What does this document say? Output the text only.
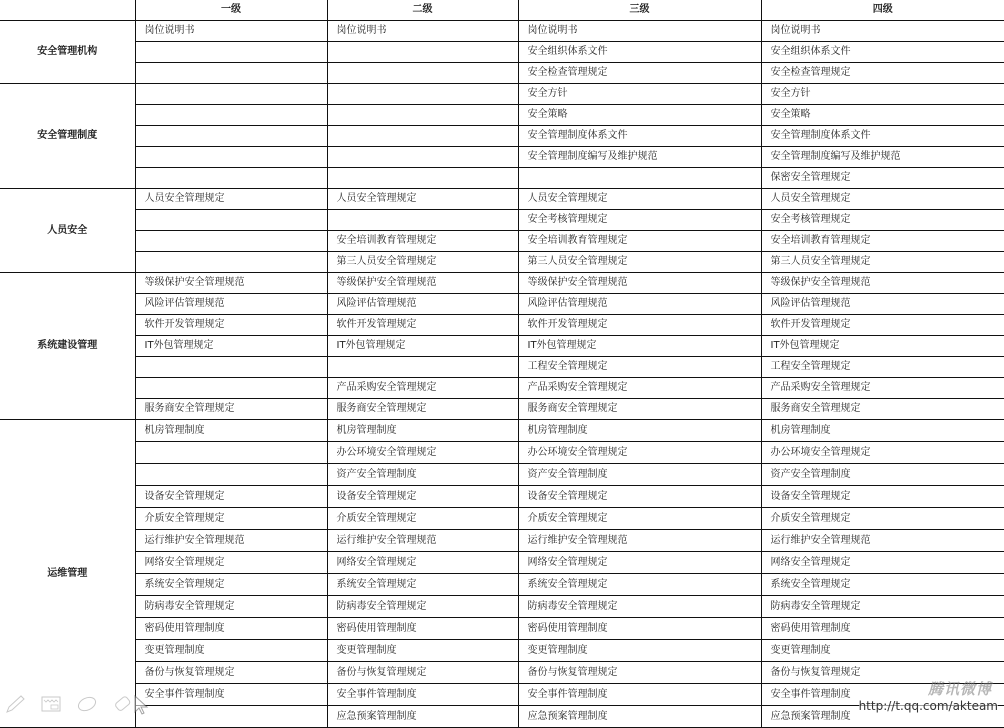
	一级	二级	三级	四级
安全管理机构	岗位说明书	岗位说明书	岗位说明书	岗位说明书
			安全组织体系文件	安全组织体系文件
			安全检查管理规定	安全检查管理规定
安全管理制度			安全方针	安全方针
			安全策略	安全策略
			安全管理制度体系文件	安全管理制度体系文件
			安全管理制度编写及维护规范	安全管理制度编写及维护规范
				保密安全管理规定
人员安全	人员安全管理规定	人员安全管理规定	人员安全管理规定	人员安全管理规定
			安全考核管理规定	安全考核管理规定
		安全培训教育管理规定	安全培训教育管理规定	安全培训教育管理规定
		第三人员安全管理规定	第三人员安全管理规定	第三人员安全管理规定
系统建设管理	等级保护安全管理规范	等级保护安全管理规范	等级保护安全管理规范	等级保护安全管理规范
	风险评估管理规范	风险评估管理规范	风险评估管理规范	风险评估管理规范
	软件开发管理规定	软件开发管理规定	软件开发管理规定	软件开发管理规定
	IT外包管理规定	IT外包管理规定	IT外包管理规定	IT外包管理规定
			工程安全管理规定	工程安全管理规定
		产品采购安全管理规定	产品采购安全管理规定	产品采购安全管理规定
	服务商安全管理规定	服务商安全管理规定	服务商安全管理规定	服务商安全管理规定
运维管理	机房管理制度	机房管理制度	机房管理制度	机房管理制度
		办公环境安全管理规定	办公环境安全管理规定	办公环境安全管理规定
		资产安全管理制度	资产安全管理制度	资产安全管理制度
	设备安全管理规定	设备安全管理规定	设备安全管理规定	设备安全管理规定
	介质安全管理规定	介质安全管理规定	介质安全管理规定	介质安全管理规定
	运行维护安全管理规范	运行维护安全管理规范	运行维护安全管理规范	运行维护安全管理规范
	网络安全管理规定	网络安全管理规定	网络安全管理规定	网络安全管理规定
	系统安全管理规定	系统安全管理规定	系统安全管理规定	系统安全管理规定
	防病毒安全管理规定	防病毒安全管理规定	防病毒安全管理规定	防病毒安全管理规定
	密码使用管理制度	密码使用管理制度	密码使用管理制度	密码使用管理制度
	变更管理制度	变更管理制度	变更管理制度	变更管理制度
	备份与恢复管理规定	备份与恢复管理规定	备份与恢复管理规定	备份与恢复管理规定
	安全事件管理制度	安全事件管理制度	安全事件管理制度	安全事件管理制度
		应急预案管理制度	应急预案管理制度	应急预案管理制度
腾讯微博
http://t.qq.com/akteam
